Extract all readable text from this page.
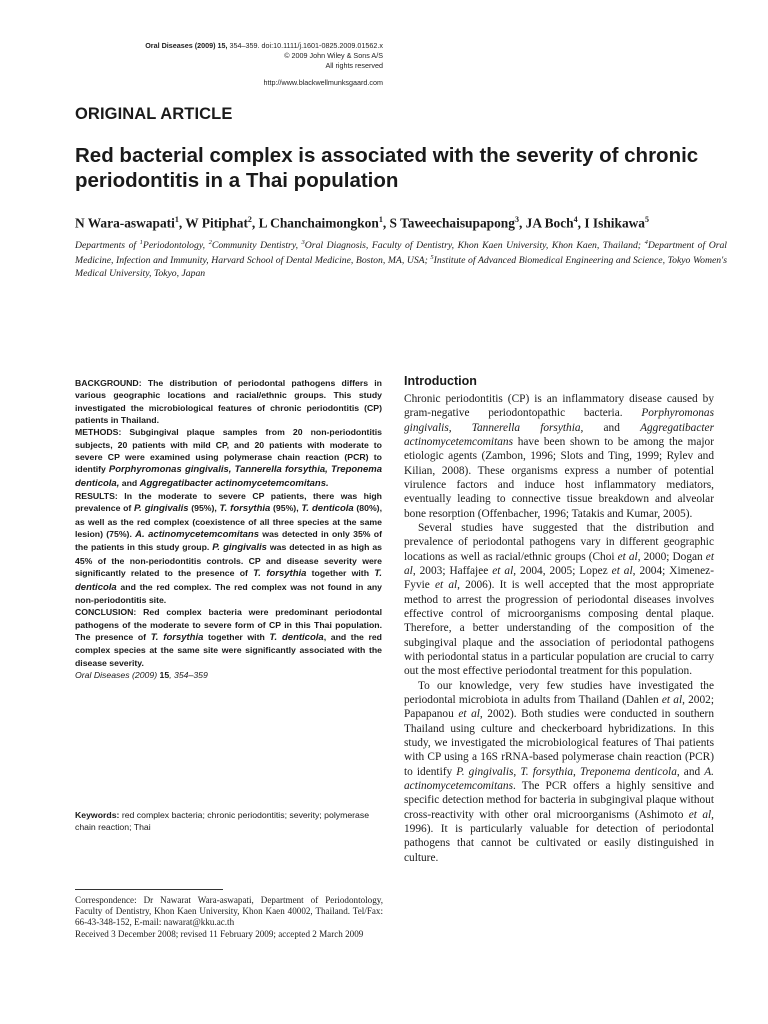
Oral Diseases (2009) 15, 354–359. doi:10.1111/j.1601-0825.2009.01562.x
© 2009 John Wiley & Sons A/S
All rights reserved
http://www.blackwellmunksgaard.com
ORIGINAL ARTICLE
Red bacterial complex is associated with the severity of chronic periodontitis in a Thai population
N Wara-aswapati$^1$, W Pitiphat$^2$, L Chanchaimongkon$^1$, S Taweechaisupapong$^3$, JA Boch$^4$, I Ishikawa$^5$
Departments of $^1$Periodontology, $^2$Community Dentistry, $^3$Oral Diagnosis, Faculty of Dentistry, Khon Kaen University, Khon Kaen, Thailand; $^4$Department of Oral Medicine, Infection and Immunity, Harvard School of Dental Medicine, Boston, MA, USA; $^5$Institute of Advanced Biomedical Engineering and Science, Tokyo Women's Medical University, Tokyo, Japan
BACKGROUND: The distribution of periodontal pathogens differs in various geographic locations and racial/ethnic groups. This study investigated the microbiological features of chronic periodontitis (CP) patients in Thailand.
METHODS: Subgingival plaque samples from 20 non-periodontitis subjects, 20 patients with mild CP, and 20 patients with moderate to severe CP were examined using polymerase chain reaction (PCR) to identify Porphyromonas gingivalis, Tannerella forsythia, Treponema denticola, and Aggregatibacter actinomycetemcomitans.
RESULTS: In the moderate to severe CP patients, there was high prevalence of P. gingivalis (95%), T. forsythia (95%), T. denticola (80%), as well as the red complex (coexistence of all three species at the same lesion) (75%). A. actinomycetemcomitans was detected in only 35% of the patients in this study group. P. gingivalis was detected in as high as 45% of the non-periodontitis controls. CP and disease severity were significantly related to the presence of T. forsythia together with T. denticola and the red complex. The red complex was not found in any non-periodontitis site.
CONCLUSION: Red complex bacteria were predominant periodontal pathogens of the moderate to severe form of CP in this Thai population. The presence of T. forsythia together with T. denticola, and the red complex species at the same site were significantly associated with the disease severity.
Oral Diseases (2009) 15, 354–359
Keywords: red complex bacteria; chronic periodontitis; severity; polymerase chain reaction; Thai
Correspondence: Dr Nawarat Wara-aswapati, Department of Periodontology, Faculty of Dentistry, Khon Kaen University, Khon Kaen 40002, Thailand. Tel/Fax: 66-43-348-152, E-mail: nawarat@kku.ac.th
Received 3 December 2008; revised 11 February 2009; accepted 2 March 2009
Introduction

Chronic periodontitis (CP) is an inflammatory disease caused by gram-negative periodontopathic bacteria. Porphyromonas gingivalis, Tannerella forsythia, and Aggregatibacter actinomycetemcomitans have been shown to be among the major etiologic agents (Zambon, 1996; Slots and Ting, 1999; Rylev and Kilian, 2008). These organisms express a number of potential virulence factors and induce host inflammatory mediators, eventually leading to connective tissue breakdown and alveolar bone resorption (Offenbacher, 1996; Tatakis and Kumar, 2005).

Several studies have suggested that the distribution and prevalence of periodontal pathogens vary in different geographic locations as well as racial/ethnic groups (Choi et al, 2000; Dogan et al, 2003; Haffajee et al, 2004, 2005; Lopez et al, 2004; Ximenez-Fyvie et al, 2006). It is well accepted that the most appropriate method to arrest the progression of periodontal diseases involves effective control of microorganisms composing dental plaque. Therefore, a better understanding of the composition of the subgingival plaque and the association of periodontal pathogens with periodontal status in a particular population are crucial to carry out the most effective periodontal treatment for this population.

To our knowledge, very few studies have investigated the periodontal microbiota in adults from Thailand (Dahlen et al, 2002; Papapanou et al, 2002). Both studies were conducted in southern Thailand using culture and checkerboard hybridizations. In this study, we investigated the microbiological features of Thai patients with CP using a 16S rRNA-based polymerase chain reaction (PCR) to identify P. gingivalis, T. forsythia, Treponema denticola, and A. actinomycetemcomitans. The PCR offers a highly sensitive and specific detection method for bacteria in subgingival plaque without cross-reactivity with other oral microorganisms (Ashimoto et al, 1996). It is particularly valuable for detection of periodontal pathogens that cannot be cultivated or easily distinguished in culture.
